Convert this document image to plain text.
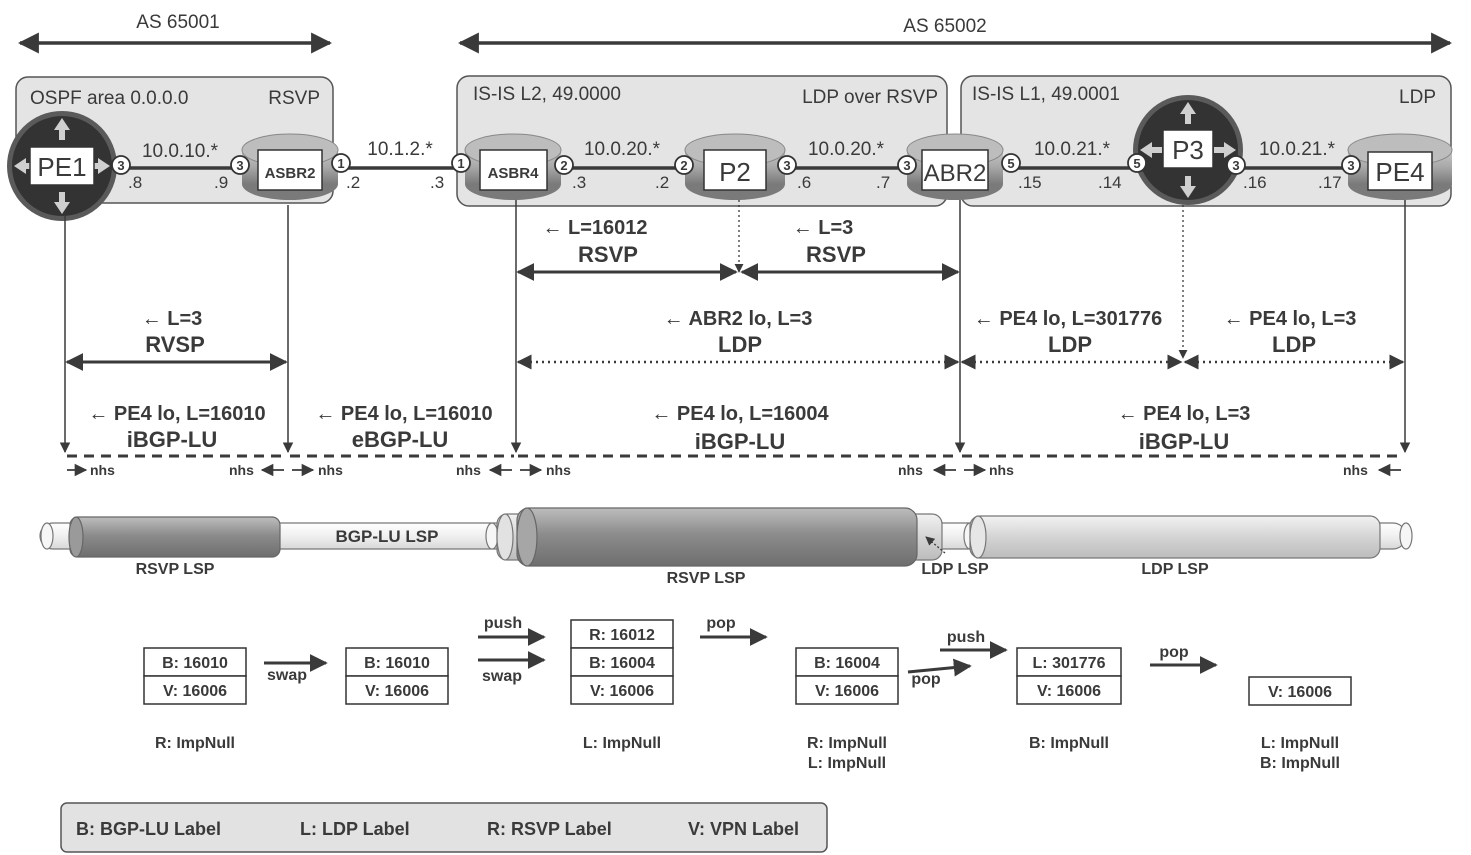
AS 65001	AS 65002
OSPF area 0.0.0.0	RSVP	IS-IS L2, 49.0000	LDP over RSVP IS-IS L1, 49.0001	LDP
PE1	ASBR2	ASBR4	P2	ABR2
P3
PE4
3	3	1	1	2	2	3	3	5	5	3	3
10.0.10.*	10.1.2.*	10.0.20.*	10.0.20.*	10.0.21.*	10.0.21.*
.8	.9	.2	.3	.3	.2	.6	.7	.15	.14	.16	.17
← L=16012
RSVP
← L=3
RSVP
← L=3
RVSP
← ABR2 lo, L=3
LDP
← PE4 lo, L=301776
LDP
← PE4 lo, L=3
LDP
← PE4 lo, L=16010
iBGP-LU
← PE4 lo, L=16010
eBGP-LU
← PE4 lo, L=16004
iBGP-LU
← PE4 lo, L=3
iBGP-LU
nhs	nhs	nhs	nhs	nhs	nhs	nhs	nhs
BGP-LU LSP
RSVP LSP
RSVP LSP
LDP LSP	LDP LSP
B: 16010
V: 16006
B: 16010
V: 16006
R: 16012
B: 16004
V: 16006
B: 16004
V: 16006
L: 301776
V: 16006	V: 16006
swap
push
swap
pop
push
pop
pop
R: ImpNull	L: ImpNull	R: ImpNull
L: ImpNull
B: ImpNull	L: ImpNull
B: ImpNull
B: BGP-LU Label	L: LDP Label	R: RSVP Label	V: VPN Label
